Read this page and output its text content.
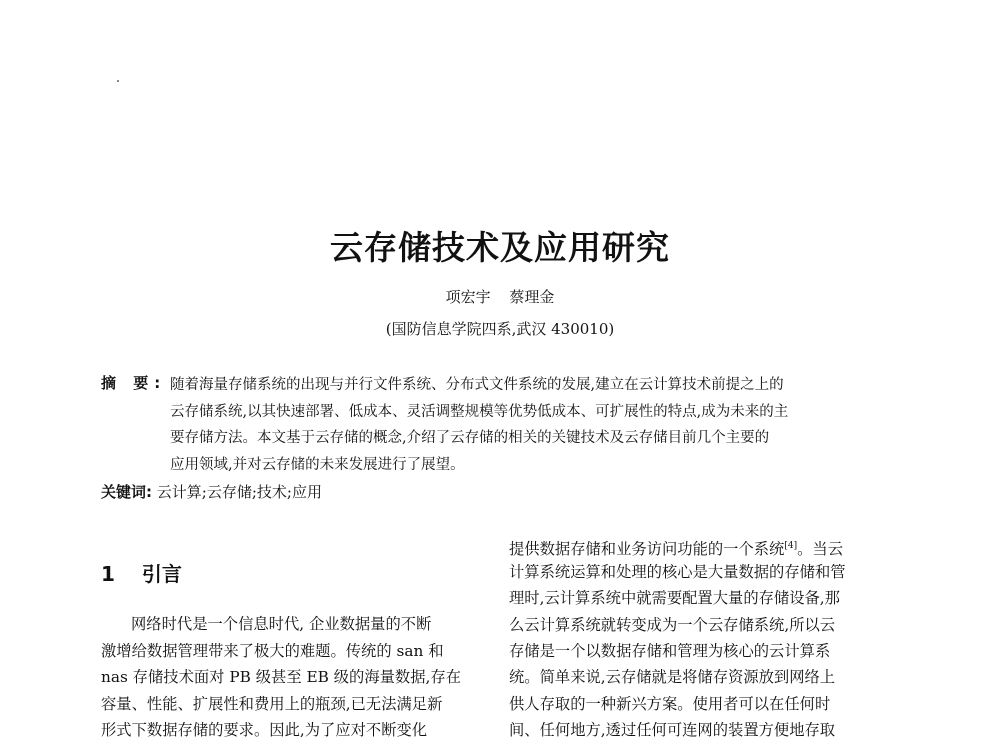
云存储技术及应用研究
项宏宇 蔡理金
(国防信息学院四系,武汉 430010)
摘 要: 随着海量存储系统的出现与并行文件系统、分布式文件系统的发展,建立在云计算技术前提之上的
云存储系统,以其快速部署、低成本、灵活调整规模等优势低成本、可扩展性的特点,成为未来的主
要存储方法。本文基于云存储的概念,介绍了云存储的相关的关键技术及云存储目前几个主要的
应用领域,并对云存储的未来发展进行了展望。
关键词: 云计算;云存储;技术;应用
1 引言
网络时代是一个信息时代, 企业数据量的不断
激增给数据管理带来了极大的难题。传统的 san 和
nas 存储技术面对 PB 级甚至 EB 级的海量数据,存在
容量、性能、扩展性和费用上的瓶颈,已无法满足新
形式下数据存储的要求。因此,为了应对不断变化
提供数据存储和业务访问功能的一个系统[4]。当云
计算系统运算和处理的核心是大量数据的存储和管
理时,云计算系统中就需要配置大量的存储设备,那
么云计算系统就转变成为一个云存储系统,所以云
存储是一个以数据存储和管理为核心的云计算系
统。简单来说,云存储就是将储存资源放到网络上
供人存取的一种新兴方案。使用者可以在任何时
间、任何地方,透过任何可连网的装置方便地存取
